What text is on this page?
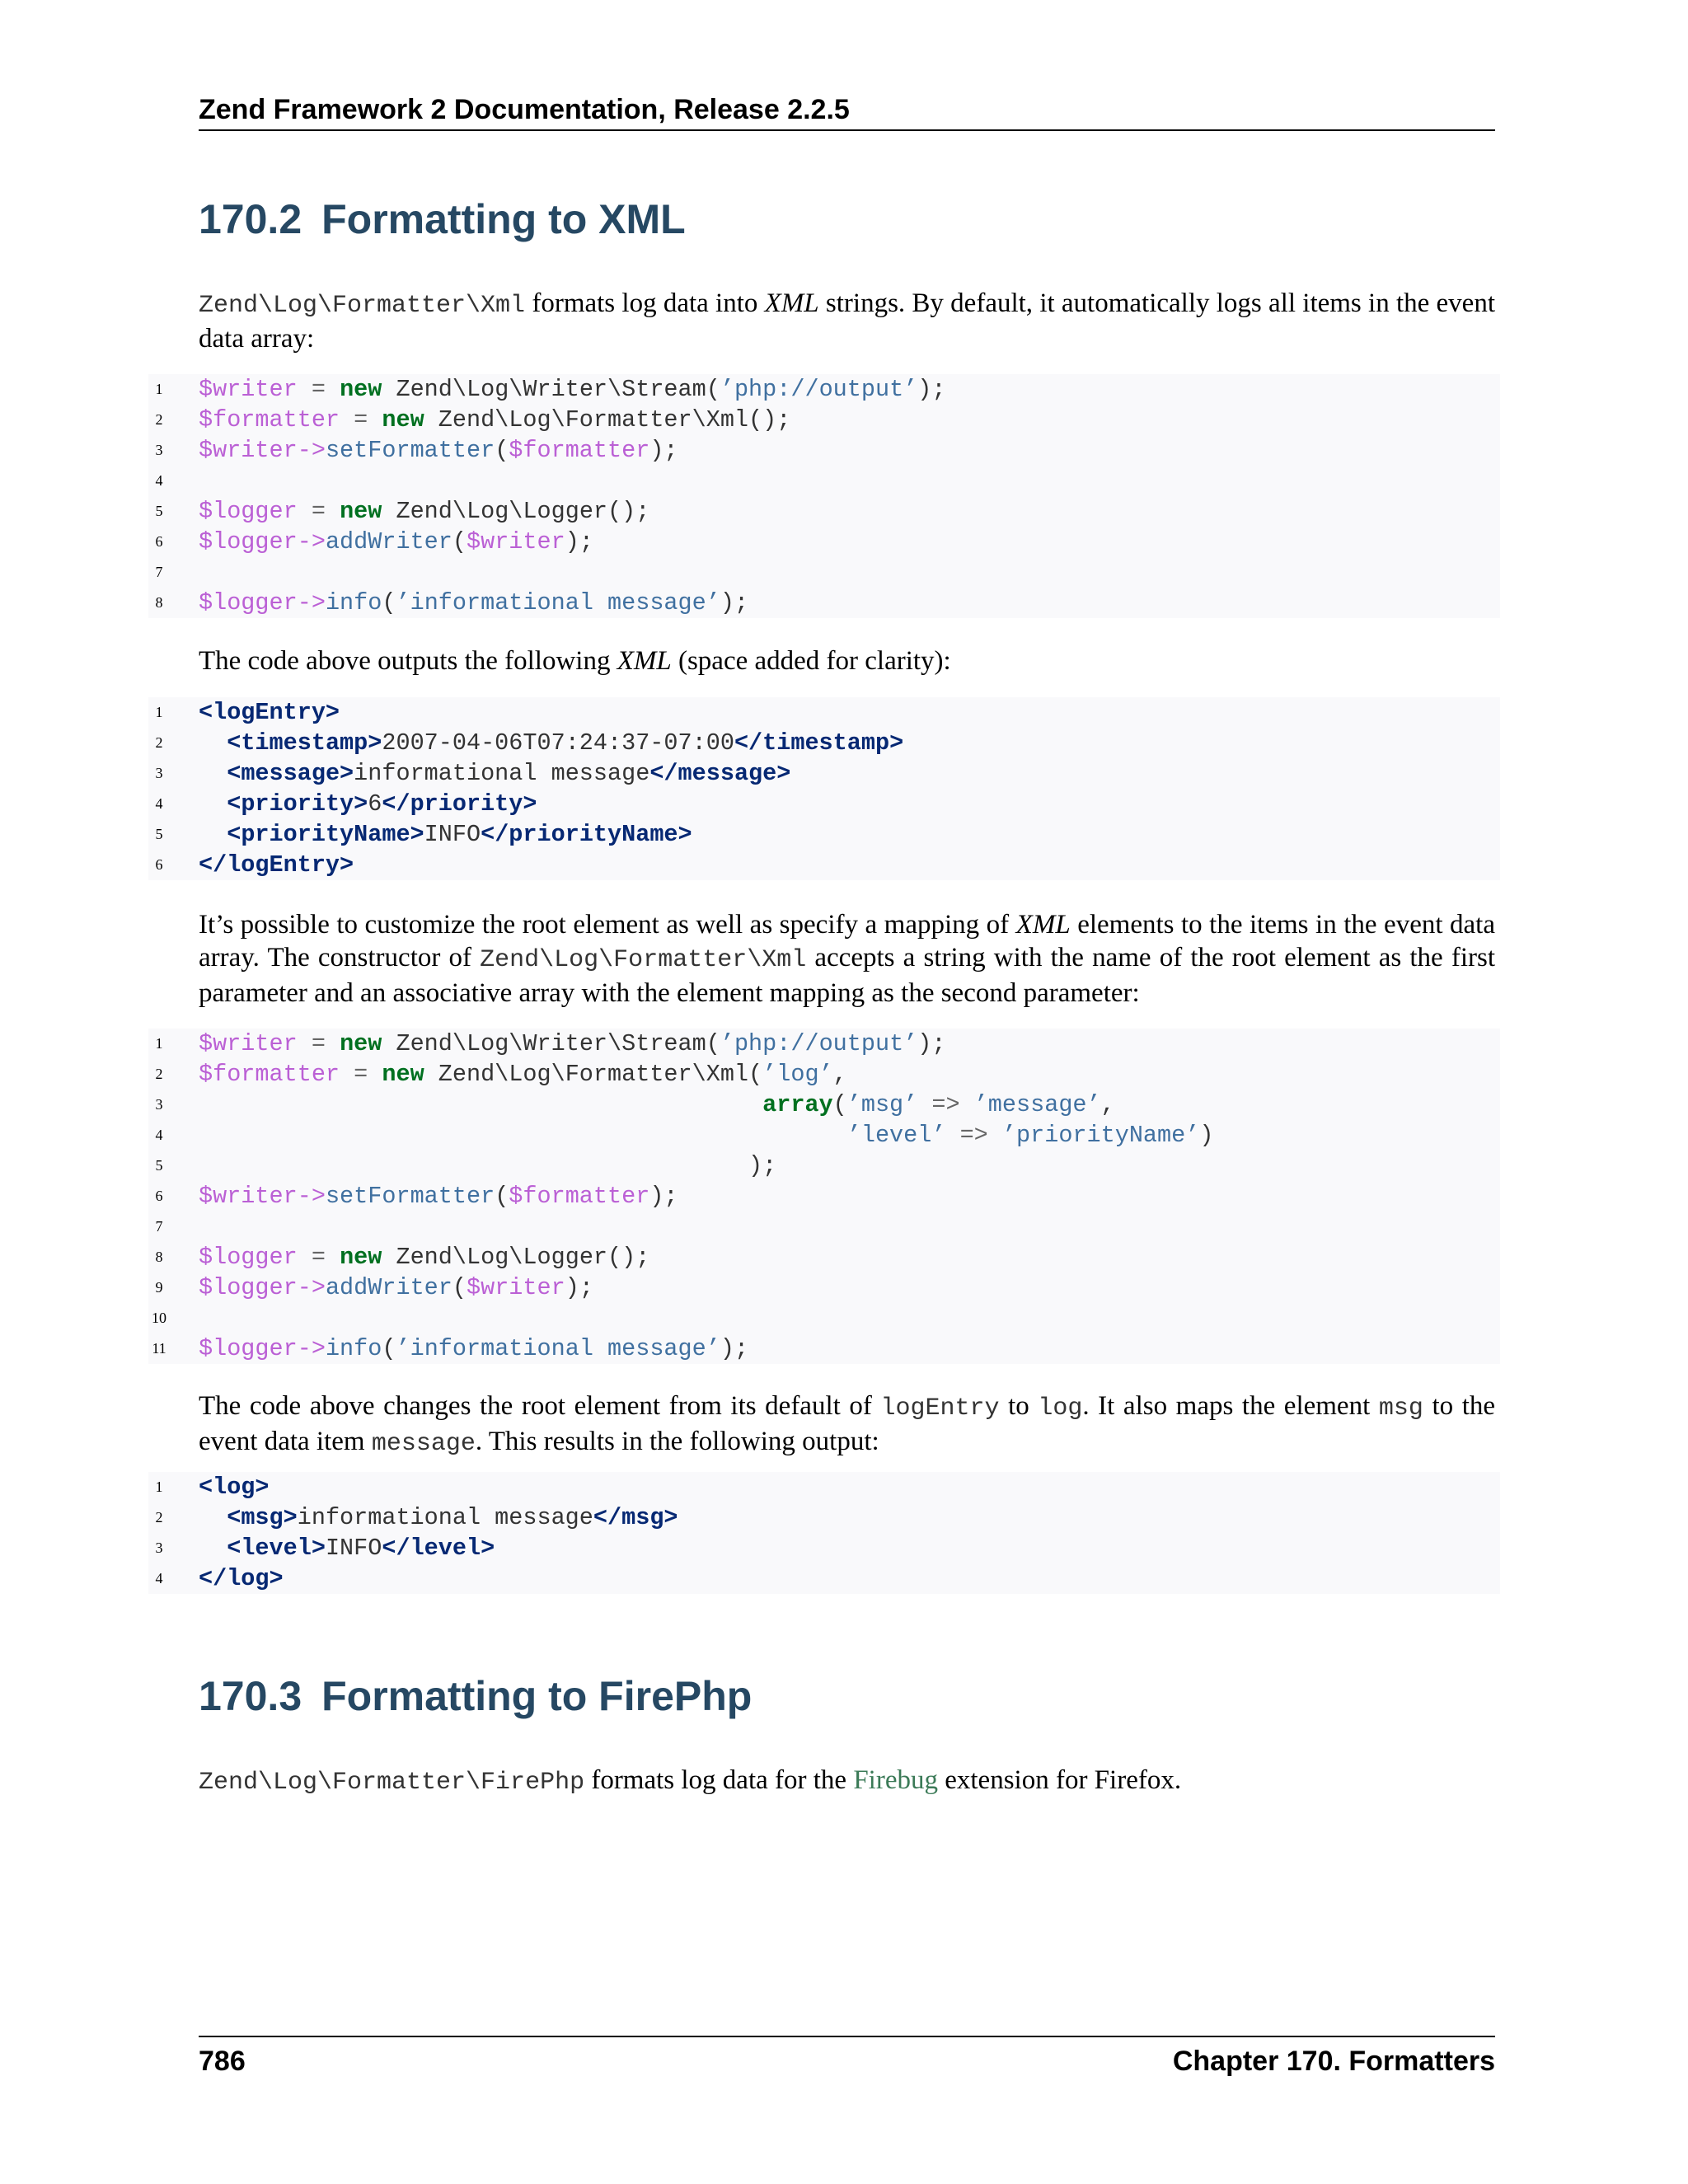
Zend Framework 2 Documentation, Release 2.2.5
170.2 Formatting to XML

Zend\Log\Formatter\Xml formats log data into XML strings. By default, it automatically logs all items in the event data array:

1 $writer = new Zend\Log\Writer\Stream(’php://output’);
2 $formatter = new Zend\Log\Formatter\Xml();
3 $writer->setFormatter($formatter);
4
5 $logger = new Zend\Log\Logger();
6 $logger->addWriter($writer);
7
8 $logger->info(’informational message’);

The code above outputs the following XML (space added for clarity):

1 <logEntry>
2	<timestamp>2007-04-06T07:24:37-07:00</timestamp>
3	<message>informational message</message>
4	<priority>6</priority>
5	<priorityName>INFO</priorityName>
6 </logEntry>

It’s possible to customize the root element as well as specify a mapping of XML elements to the items in the event data array. The constructor of Zend\Log\Formatter\Xml accepts a string with the name of the root element as the first parameter and an associative array with the element mapping as the second parameter:

1 $writer = new Zend\Log\Writer\Stream(’php://output’);
2 $formatter = new Zend\Log\Formatter\Xml(’log’,
3	array(’msg’ => ’message’,
4	’level’ => ’priorityName’)
5 );
6 $writer->setFormatter($formatter);
7
8 $logger = new Zend\Log\Logger();
9 $logger->addWriter($writer);
10
11 $logger->info(’informational message’);

The code above changes the root element from its default of logEntry to log. It also maps the element msg to the event data item message. This results in the following output:

1 <log>
2	<msg>informational message</msg>
3	<level>INFO</level>
4 </log>
170.3 Formatting to FirePhp

Zend\Log\Formatter\FirePhp formats log data for the Firebug extension for Firefox.

786	Chapter 170. Formatters
